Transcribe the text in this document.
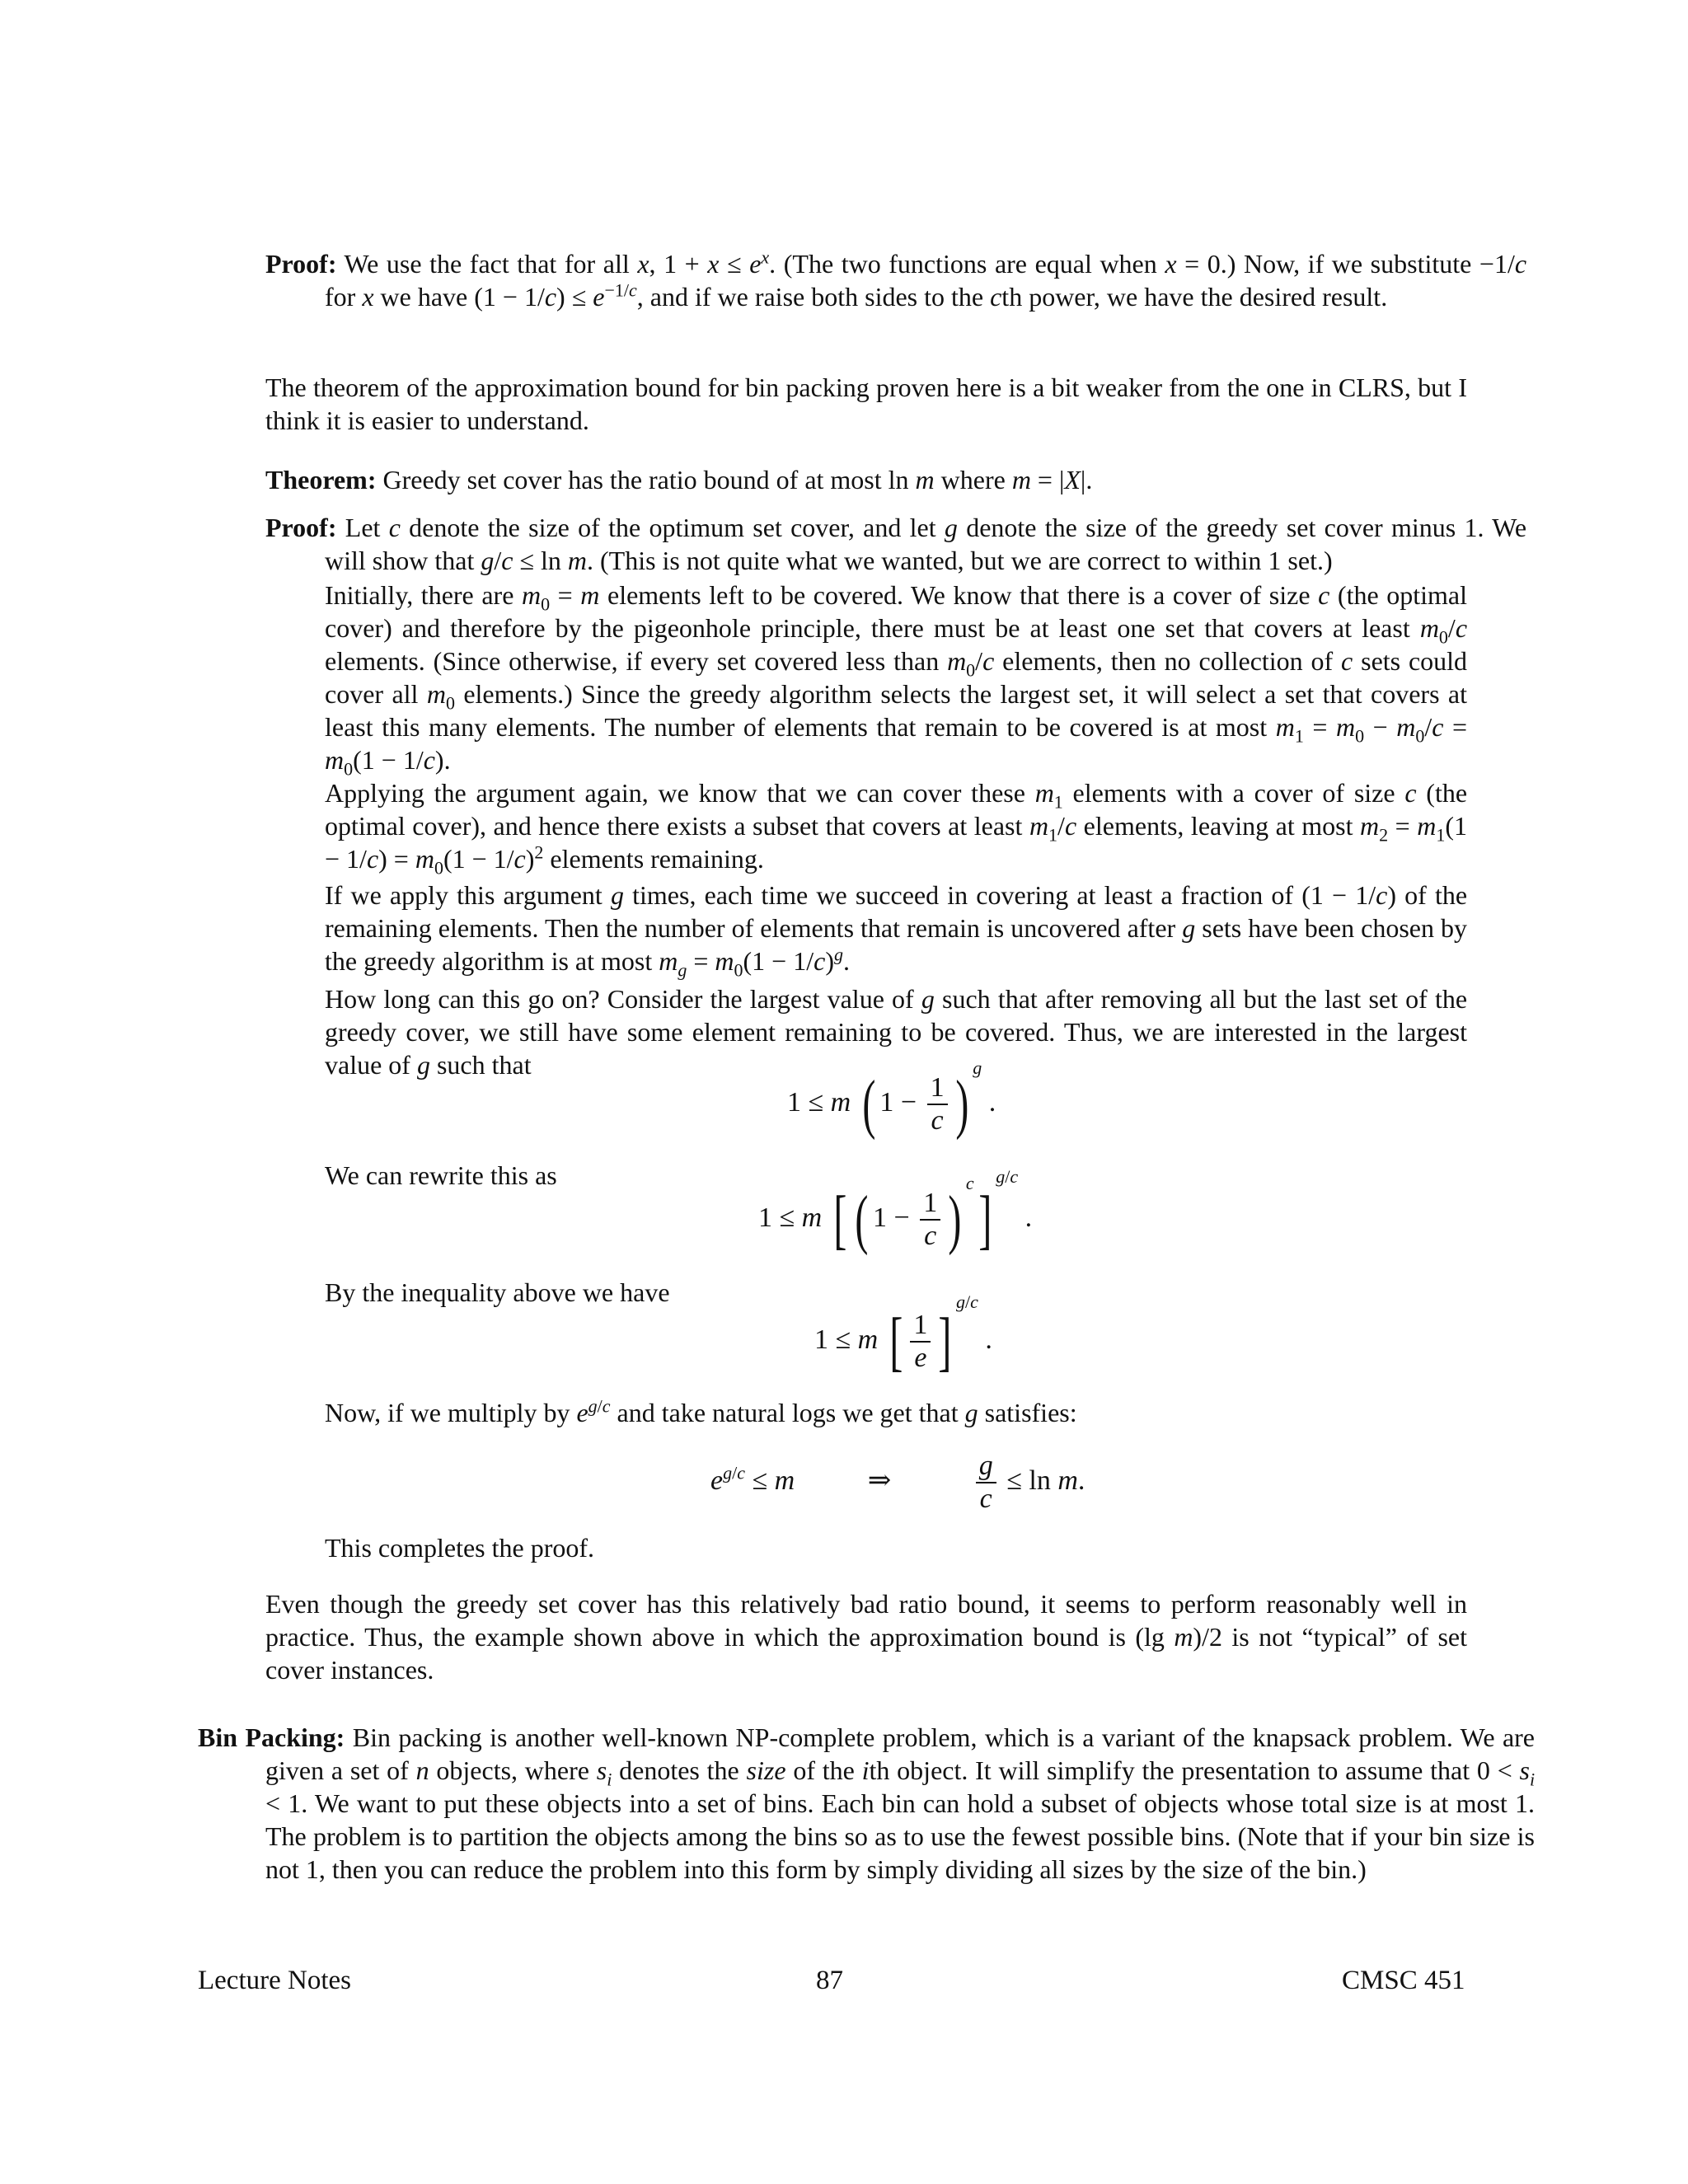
Proof: We use the fact that for all x, $1 + x \le e^x$. (The two functions are equal when x = 0.) Now, if we substitute −1/c for x we have $(1 - 1/c) \le e^{-1/c}$, and if we raise both sides to the cth power, we have the desired result.
The theorem of the approximation bound for bin packing proven here is a bit weaker from the one in CLRS, but I think it is easier to understand.
Theorem: Greedy set cover has the ratio bound of at most ln m where m = |X|.
Proof: Let c denote the size of the optimum set cover, and let g denote the size of the greedy set cover minus 1. We will show that g/c ≤ ln m. (This is not quite what we wanted, but we are correct to within 1 set.)
Initially, there are $m_0 = m$ elements left to be covered. We know that there is a cover of size c (the optimal cover) and therefore by the pigeonhole principle, there must be at least one set that covers at least $m_0/c$ elements. (Since otherwise, if every set covered less than $m_0/c$ elements, then no collection of c sets could cover all $m_0$ elements.) Since the greedy algorithm selects the largest set, it will select a set that covers at least this many elements. The number of elements that remain to be covered is at most $m_1 = m_0 - m_0/c = m_0(1 - 1/c)$.
Applying the argument again, we know that we can cover these $m_1$ elements with a cover of size c (the optimal cover), and hence there exists a subset that covers at least $m_1/c$ elements, leaving at most $m_2 = m_1(1 - 1/c) = m_0(1 - 1/c)^2$ elements remaining.
If we apply this argument g times, each time we succeed in covering at least a fraction of (1 − 1/c) of the remaining elements. Then the number of elements that remain is uncovered after g sets have been chosen by the greedy algorithm is at most $m_g = m_0(1 - 1/c)^g$.
How long can this go on? Consider the largest value of g such that after removing all but the last set of the greedy cover, we still have some element remaining to be covered. Thus, we are interested in the largest value of g such that
1 ≤ m ( $1 - \frac{1}{c} )^g$ .
We can rewrite this as
1 ≤ m [ ( $1 - \frac{1}{c} )^c]^{g/c}$ .
By the inequality above we have
1 ≤ m [ $\frac{1}{e} ]^{g/c}$ .
Now, if we multiply by $e^{g/c}$ and take natural logs we get that g satisfies:
$e^{g/c} \le m$	⇒	$\frac{g}{c} \le \ln m$.
This completes the proof.
Even though the greedy set cover has this relatively bad ratio bound, it seems to perform reasonably well in practice. Thus, the example shown above in which the approximation bound is (lg m)/2 is not “typical” of set cover instances.
Bin Packing: Bin packing is another well-known NP-complete problem, which is a variant of the knapsack problem. We are given a set of n objects, where $s_i$ denotes the size of the ith object. It will simplify the presentation to assume that $0 < s_i < 1$. We want to put these objects into a set of bins. Each bin can hold a subset of objects whose total size is at most 1. The problem is to partition the objects among the bins so as to use the fewest possible bins. (Note that if your bin size is not 1, then you can reduce the problem into this form by simply dividing all sizes by the size of the bin.)
Lecture Notes	87	CMSC 451
